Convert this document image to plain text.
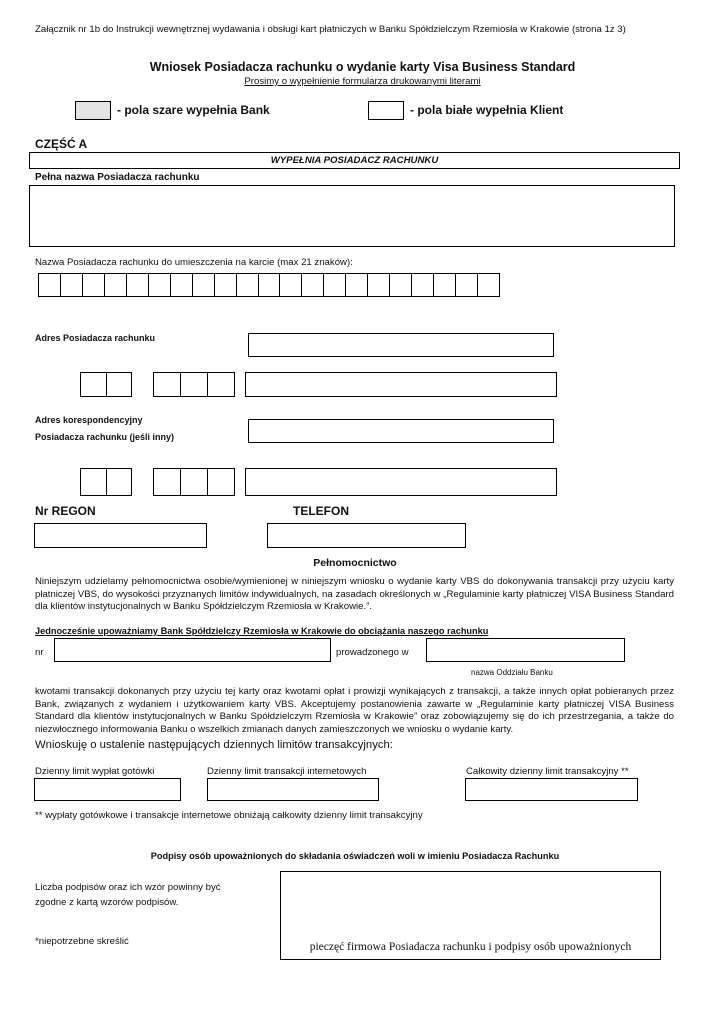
Załącznik nr 1b do Instrukcji wewnętrznej wydawania i obsługi kart płatniczych w Banku Spółdzielczym Rzemiosła w Krakowie (strona 1z 3)
Wniosek Posiadacza rachunku o wydanie karty Visa Business Standard
Prosimy o wypełnienie formularza drukowanymi literami
- pola szare wypełnia Bank	- pola białe wypełnia Klient
CZĘŚĆ A
WYPEŁNIA POSIADACZ RACHUNKU
Pełna nazwa Posiadacza rachunku
Nazwa Posiadacza rachunku do umieszczenia na karcie (max 21 znaków):
Adres Posiadacza rachunku
Adres korespondencyjny
Posiadacza rachunku (jeśli inny)
Nr REGON	TELEFON
Pełnomocnictwo
Niniejszym udzielamy pełnomocnictwa osobie/wymienionej w niniejszym wniosku o wydanie karty VBS do dokonywania transakcji przy użyciu karty płatniczej VBS, do wysokości przyznanych limitów indywidualnych, na zasadach określonych w „Regulaminie karty płatniczej VISA Business Standard dla klientów instytucjonalnych w Banku Spółdzielczym Rzemiosła w Krakowie.”.
Jednocześnie upoważniamy Bank Spółdzielczy Rzemiosła w Krakowie do obciążania naszego rachunku
nr	prowadzonego w
nazwa Oddziału Banku
kwotami transakcji dokonanych przy użyciu tej karty oraz kwotami opłat i prowizji wynikających z transakcji, a także innych opłat pobieranych przez Bank, związanych z wydaniem i użytkowaniem karty VBS. Akceptujemy postanowienia zawarte w „Regulaminie karty płatniczej VISA Business Standard dla klientów instytucjonalnych w Banku Spółdzielczym Rzemiosła w Krakowie” oraz zobowiązujemy się do ich przestrzegania, a także do niezwłocznego informowania Banku o wszelkich zmianach danych zamieszczonych we wniosku o wydanie karty.
Wnioskuję o ustalenie następujących dziennych limitów transakcyjnych:
Dzienny limit wypłat gotówki	Dzienny limit transakcji internetowych	Całkowity dzienny limit transakcyjny **
** wypłaty gotówkowe i transakcje internetowe obniżają całkowity dzienny limit transakcyjny
Podpisy osób upoważnionych do składania oświadczeń woli w imieniu Posiadacza Rachunku
Liczba podpisów oraz ich wzór powinny być
zgodne z kartą wzorów podpisów.
*niepotrzebne skreślić	pieczęć firmowa Posiadacza rachunku i podpisy osób upoważnionych
